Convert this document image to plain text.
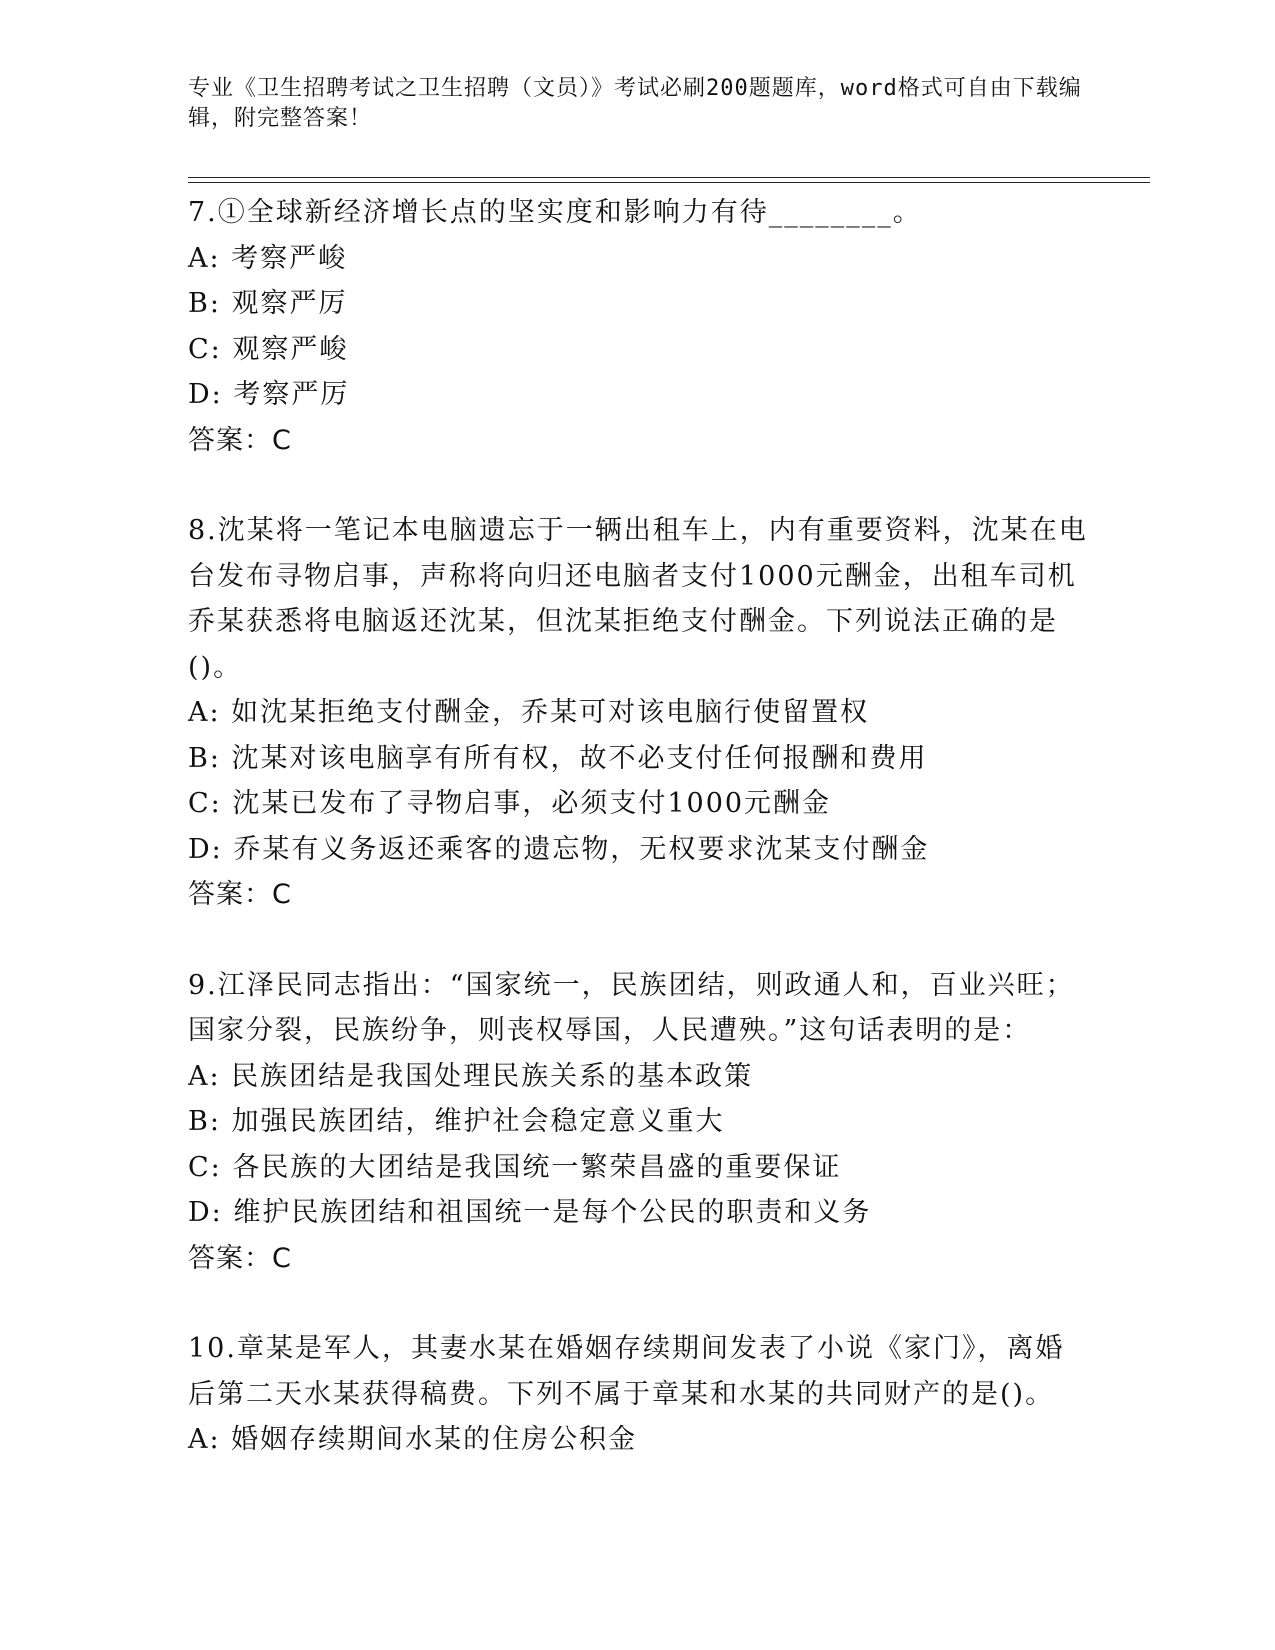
专业《卫生招聘考试之卫生招聘（文员）》考试必刷200题题库，word格式可自由下载编辑，附完整答案！

7.①全球新经济增长点的坚实度和影响力有待________。

A: 考察严峻

B: 观察严厉

C: 观察严峻

D: 考察严厉

答案：C

8.沈某将一笔记本电脑遗忘于一辆出租车上，内有重要资料，沈某在电台发布寻物启事，声称将向归还电脑者支付1000元酬金，出租车司机乔某获悉将电脑返还沈某，但沈某拒绝支付酬金。下列说法正确的是()。

A: 如沈某拒绝支付酬金，乔某可对该电脑行使留置权

B: 沈某对该电脑享有所有权，故不必支付任何报酬和费用

C: 沈某已发布了寻物启事，必须支付1000元酬金

D: 乔某有义务返还乘客的遗忘物，无权要求沈某支付酬金

答案：C

9.江泽民同志指出：“国家统一，民族团结，则政通人和，百业兴旺；国家分裂，民族纷争，则丧权辱国，人民遭殃。”这句话表明的是：

A: 民族团结是我国处理民族关系的基本政策

B: 加强民族团结，维护社会稳定意义重大

C: 各民族的大团结是我国统一繁荣昌盛的重要保证

D: 维护民族团结和祖国统一是每个公民的职责和义务

答案：C

10.章某是军人，其妻水某在婚姻存续期间发表了小说《家门》，离婚后第二天水某获得稿费。下列不属于章某和水某的共同财产的是()。

A: 婚姻存续期间水某的住房公积金
